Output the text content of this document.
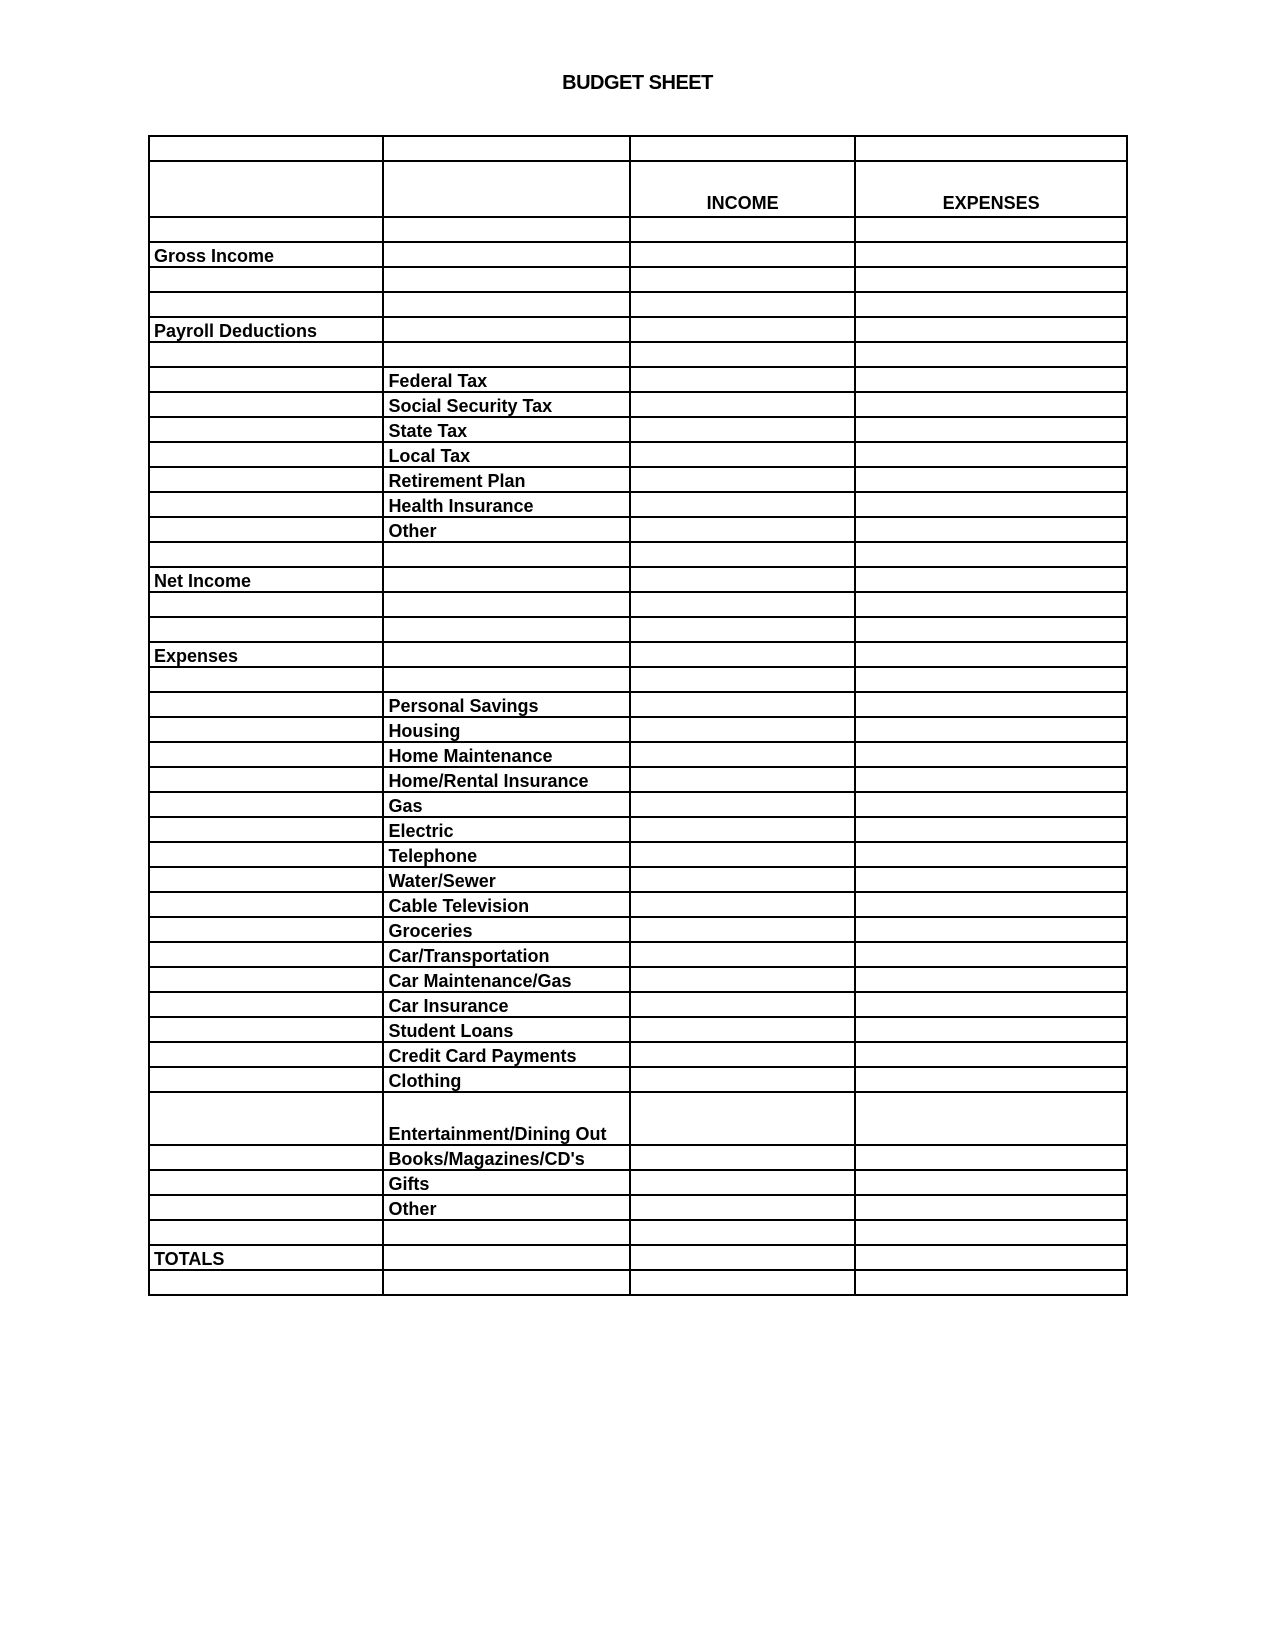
BUDGET SHEET

		INCOME	EXPENSES

Gross Income			

Payroll Deductions			

	Federal Tax		
	Social Security Tax		
	State Tax		
	Local Tax		
	Retirement Plan		
	Health Insurance		
	Other		

Net Income			

Expenses			

	Personal Savings		
	Housing		
	Home Maintenance		
	Home/Rental Insurance		
	Gas		
	Electric		
	Telephone		
	Water/Sewer		
	Cable Television		
	Groceries		
	Car/Transportation		
	Car Maintenance/Gas		
	Car Insurance		
	Student Loans		
	Credit Card Payments		
	Clothing		
	Entertainment/Dining Out		
	Books/Magazines/CD's		
	Gifts		
	Other		

TOTALS			
